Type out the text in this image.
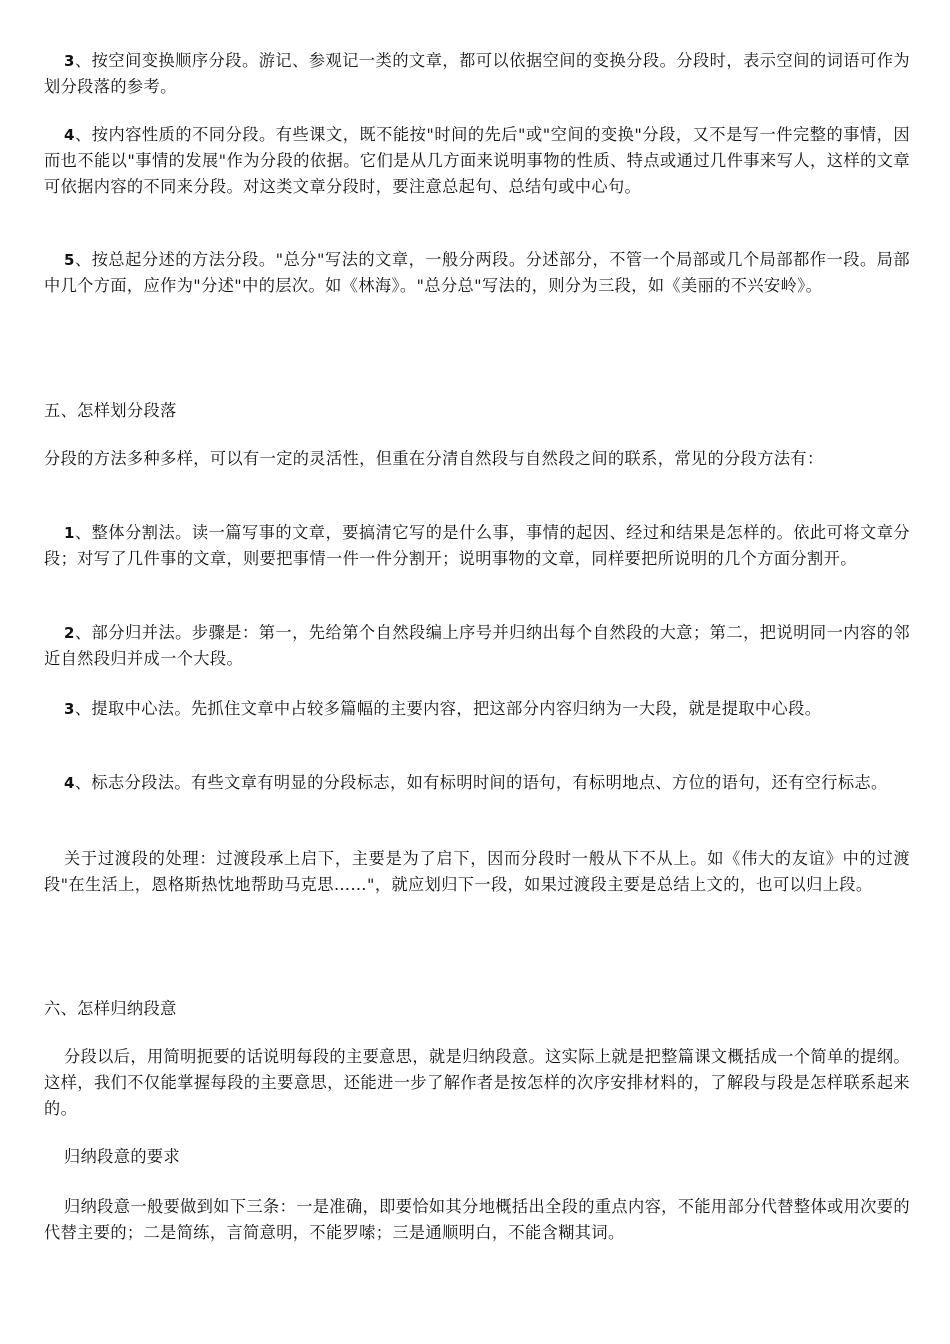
3、按空间变换顺序分段。游记、参观记一类的文章，都可以依据空间的变换分段。分段时，表示空间的词语可作为划分段落的参考。

4、按内容性质的不同分段。有些课文，既不能按"时间的先后"或"空间的变换"分段，又不是写一件完整的事情，因而也不能以"事情的发展"作为分段的依据。它们是从几方面来说明事物的性质、特点或通过几件事来写人，这样的文章可依据内容的不同来分段。对这类文章分段时，要注意总起句、总结句或中心句。

5、按总起分述的方法分段。"总分"写法的文章，一般分两段。分述部分，不管一个局部或几个局部都作一段。局部中几个方面，应作为"分述"中的层次。如《林海》。"总分总"写法的，则分为三段，如《美丽的不兴安岭》。

五、怎样划分段落

分段的方法多种多样，可以有一定的灵活性，但重在分清自然段与自然段之间的联系，常见的分段方法有：

1、整体分割法。读一篇写事的文章，要搞清它写的是什么事，事情的起因、经过和结果是怎样的。依此可将文章分段；对写了几件事的文章，则要把事情一件一件分割开；说明事物的文章，同样要把所说明的几个方面分割开。

2、部分归并法。步骤是：第一，先给第个自然段编上序号并归纳出每个自然段的大意；第二，把说明同一内容的邻近自然段归并成一个大段。

3、提取中心法。先抓住文章中占较多篇幅的主要内容，把这部分内容归纳为一大段，就是提取中心段。

4、标志分段法。有些文章有明显的分段标志，如有标明时间的语句，有标明地点、方位的语句，还有空行标志。

关于过渡段的处理：过渡段承上启下，主要是为了启下，因而分段时一般从下不从上。如《伟大的友谊》中的过渡段"在生活上，恩格斯热忱地帮助马克思……"，就应划归下一段，如果过渡段主要是总结上文的，也可以归上段。

六、怎样归纳段意

分段以后，用简明扼要的话说明每段的主要意思，就是归纳段意。这实际上就是把整篇课文概括成一个简单的提纲。这样，我们不仅能掌握每段的主要意思，还能进一步了解作者是按怎样的次序安排材料的，了解段与段是怎样联系起来的。

归纳段意的要求

归纳段意一般要做到如下三条：一是准确，即要恰如其分地概括出全段的重点内容，不能用部分代替整体或用次要的代替主要的；二是简练，言简意明，不能罗嗦；三是通顺明白，不能含糊其词。
